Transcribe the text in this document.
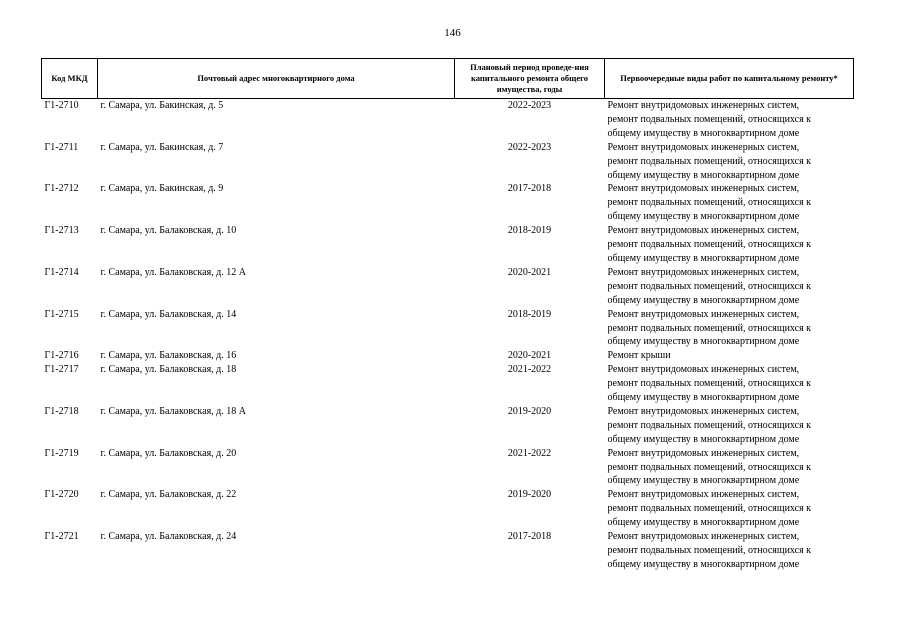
146
Код МКД	Почтовый адрес многоквартирного дома	Плановый период проведе-ния капитального ремонта общего имущества, годы	Первоочередные виды работ по капитальному ремонту*
Г1-2710	г. Самара, ул. Бакинская, д. 5	2022-2023	Ремонт внутридомовых инженерных систем,
ремонт подвальных помещений, относящихся к
общему имуществу в многоквартирном доме

Г1-2711	г. Самара, ул. Бакинская, д. 7	2022-2023	Ремонт внутридомовых инженерных систем,
ремонт подвальных помещений, относящихся к
общему имуществу в многоквартирном доме

Г1-2712	г. Самара, ул. Бакинская, д. 9	2017-2018	Ремонт внутридомовых инженерных систем,
ремонт подвальных помещений, относящихся к
общему имуществу в многоквартирном доме

Г1-2713	г. Самара, ул. Балаковская, д. 10	2018-2019	Ремонт внутридомовых инженерных систем,
ремонт подвальных помещений, относящихся к
общему имуществу в многоквартирном доме

Г1-2714	г. Самара, ул. Балаковская, д. 12 А	2020-2021	Ремонт внутридомовых инженерных систем,
ремонт подвальных помещений, относящихся к
общему имуществу в многоквартирном доме

Г1-2715	г. Самара, ул. Балаковская, д. 14	2018-2019	Ремонт внутридомовых инженерных систем,
ремонт подвальных помещений, относящихся к
общему имуществу в многоквартирном доме

Г1-2716	г. Самара, ул. Балаковская, д. 16	2020-2021	Ремонт крыши

Г1-2717	г. Самара, ул. Балаковская, д. 18	2021-2022	Ремонт внутридомовых инженерных систем,
ремонт подвальных помещений, относящихся к
общему имуществу в многоквартирном доме

Г1-2718	г. Самара, ул. Балаковская, д. 18 А	2019-2020	Ремонт внутридомовых инженерных систем,
ремонт подвальных помещений, относящихся к
общему имуществу в многоквартирном доме

Г1-2719	г. Самара, ул. Балаковская, д. 20	2021-2022	Ремонт внутридомовых инженерных систем,
ремонт подвальных помещений, относящихся к
общему имуществу в многоквартирном доме

Г1-2720	г. Самара, ул. Балаковская, д. 22	2019-2020	Ремонт внутридомовых инженерных систем,
ремонт подвальных помещений, относящихся к
общему имуществу в многоквартирном доме

Г1-2721	г. Самара, ул. Балаковская, д. 24	2017-2018	Ремонт внутридомовых инженерных систем,
ремонт подвальных помещений, относящихся к
общему имуществу в многоквартирном доме
